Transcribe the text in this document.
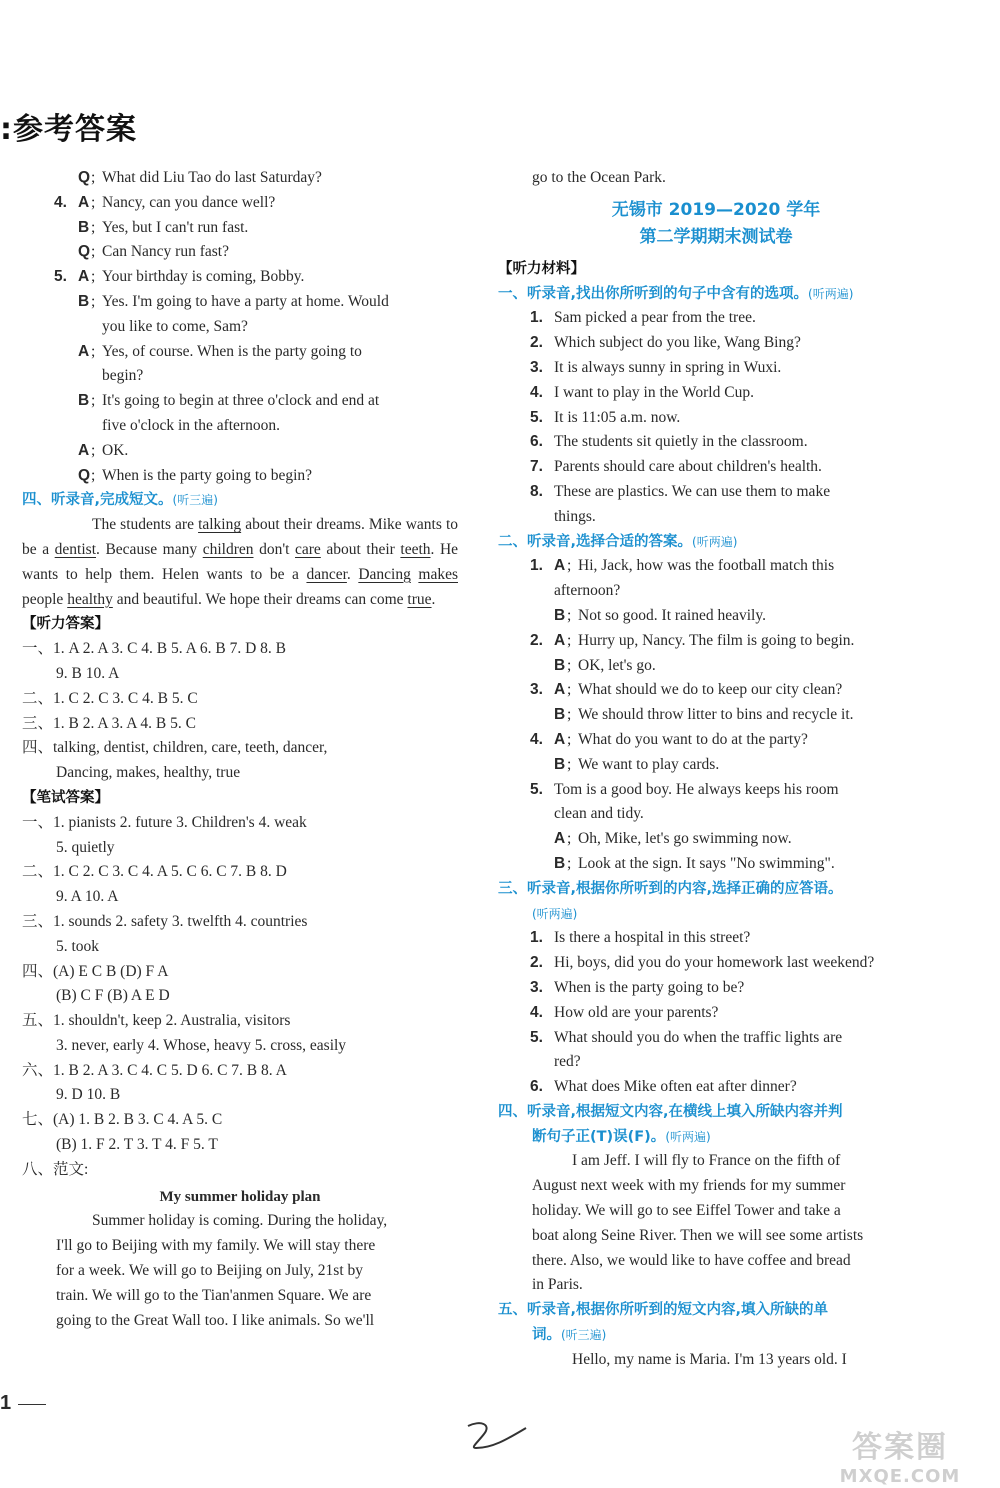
:参考答案
Q ; What did Liu Tao do last Saturday?
4. A ; Nancy, can you dance well?
B ; Yes, but I can't run fast.
Q ; Can Nancy run fast?
5. A ; Your birthday is coming, Bobby.
B ; Yes. I'm going to have a party at home. Would
you like to come, Sam?
A ; Yes, of course. When is the party going to
begin?
B ; It's going to begin at three o'clock and end at
five o'clock in the afternoon.
A ; OK.
Q ; When is the party going to begin?
四、听录音,完成短文。(听三遍)
The students are talking about their dreams. Mike wants to be a dentist. Because many children don't care about their teeth. He wants to help them. Helen wants to be a dancer. Dancing makes people healthy and beautiful. We hope their dreams can come true.
【听力答案】
一、1. A 2. A 3. C 4. B 5. A 6. B 7. D 8. B
9. B 10. A
二、1. C 2. C 3. C 4. B 5. C
三、1. B 2. A 3. A 4. B 5. C
四、talking, dentist, children, care, teeth, dancer,
Dancing, makes, healthy, true
【笔试答案】
一、1. pianists 2. future 3. Children's 4. weak
5. quietly
二、1. C 2. C 3. C 4. A 5. C 6. C 7. B 8. D
9. A 10. A
三、1. sounds 2. safety 3. twelfth 4. countries
5. took
四、(A) E C B (D) F A
(B) C F (B) A E D
五、1. shouldn't, keep 2. Australia, visitors
3. never, early 4. Whose, heavy 5. cross, easily
六、1. B 2. A 3. C 4. C 5. D 6. C 7. B 8. A
9. D 10. B
七、(A) 1. B 2. B 3. C 4. A 5. C
(B) 1. F 2. T 3. T 4. F 5. T
八、范文:
My summer holiday plan
Summer holiday is coming. During the holiday,
I'll go to Beijing with my family. We will stay there
for a week. We will go to Beijing on July, 21st by
train. We will go to the Tian'anmen Square. We are
going to the Great Wall too. I like animals. So we'll
go to the Ocean Park.
无锡市 2019—2020 学年
第二学期期末测试卷
【听力材料】
一、听录音,找出你所听到的句子中含有的选项。(听两遍)
1. Sam picked a pear from the tree.
2. Which subject do you like, Wang Bing?
3. It is always sunny in spring in Wuxi.
4. I want to play in the World Cup.
5. It is 11:05 a.m. now.
6. The students sit quietly in the classroom.
7. Parents should care about children's health.
8. These are plastics. We can use them to make
things.
二、听录音,选择合适的答案。(听两遍)
1. A ; Hi, Jack, how was the football match this
afternoon?
B ; Not so good. It rained heavily.
2. A ; Hurry up, Nancy. The film is going to begin.
B ; OK, let's go.
3. A ; What should we do to keep our city clean?
B ; We should throw litter to bins and recycle it.
4. A ; What do you want to do at the party?
B ; We want to play cards.
5. Tom is a good boy. He always keeps his room
clean and tidy.
A ; Oh, Mike, let's go swimming now.
B ; Look at the sign. It says "No swimming".
三、听录音,根据你所听到的内容,选择正确的应答语。
(听两遍)
1. Is there a hospital in this street?
2. Hi, boys, did you do your homework last weekend?
3. When is the party going to be?
4. How old are your parents?
5. What should you do when the traffic lights are
red?
6. What does Mike often eat after dinner?
四、听录音,根据短文内容,在横线上填入所缺内容并判
断句子正(T)误(F)。(听两遍)
I am Jeff. I will fly to France on the fifth of
August next week with my friends for my summer
holiday. We will go to see Eiffel Tower and take a
boat along Seine River. Then we will see some artists
there. Also, we would like to have coffee and bread
in Paris.
五、听录音,根据你所听到的短文内容,填入所缺的单
词。(听三遍)
Hello, my name is Maria. I'm 13 years old. I
1
答案圈
MXQE.COM
